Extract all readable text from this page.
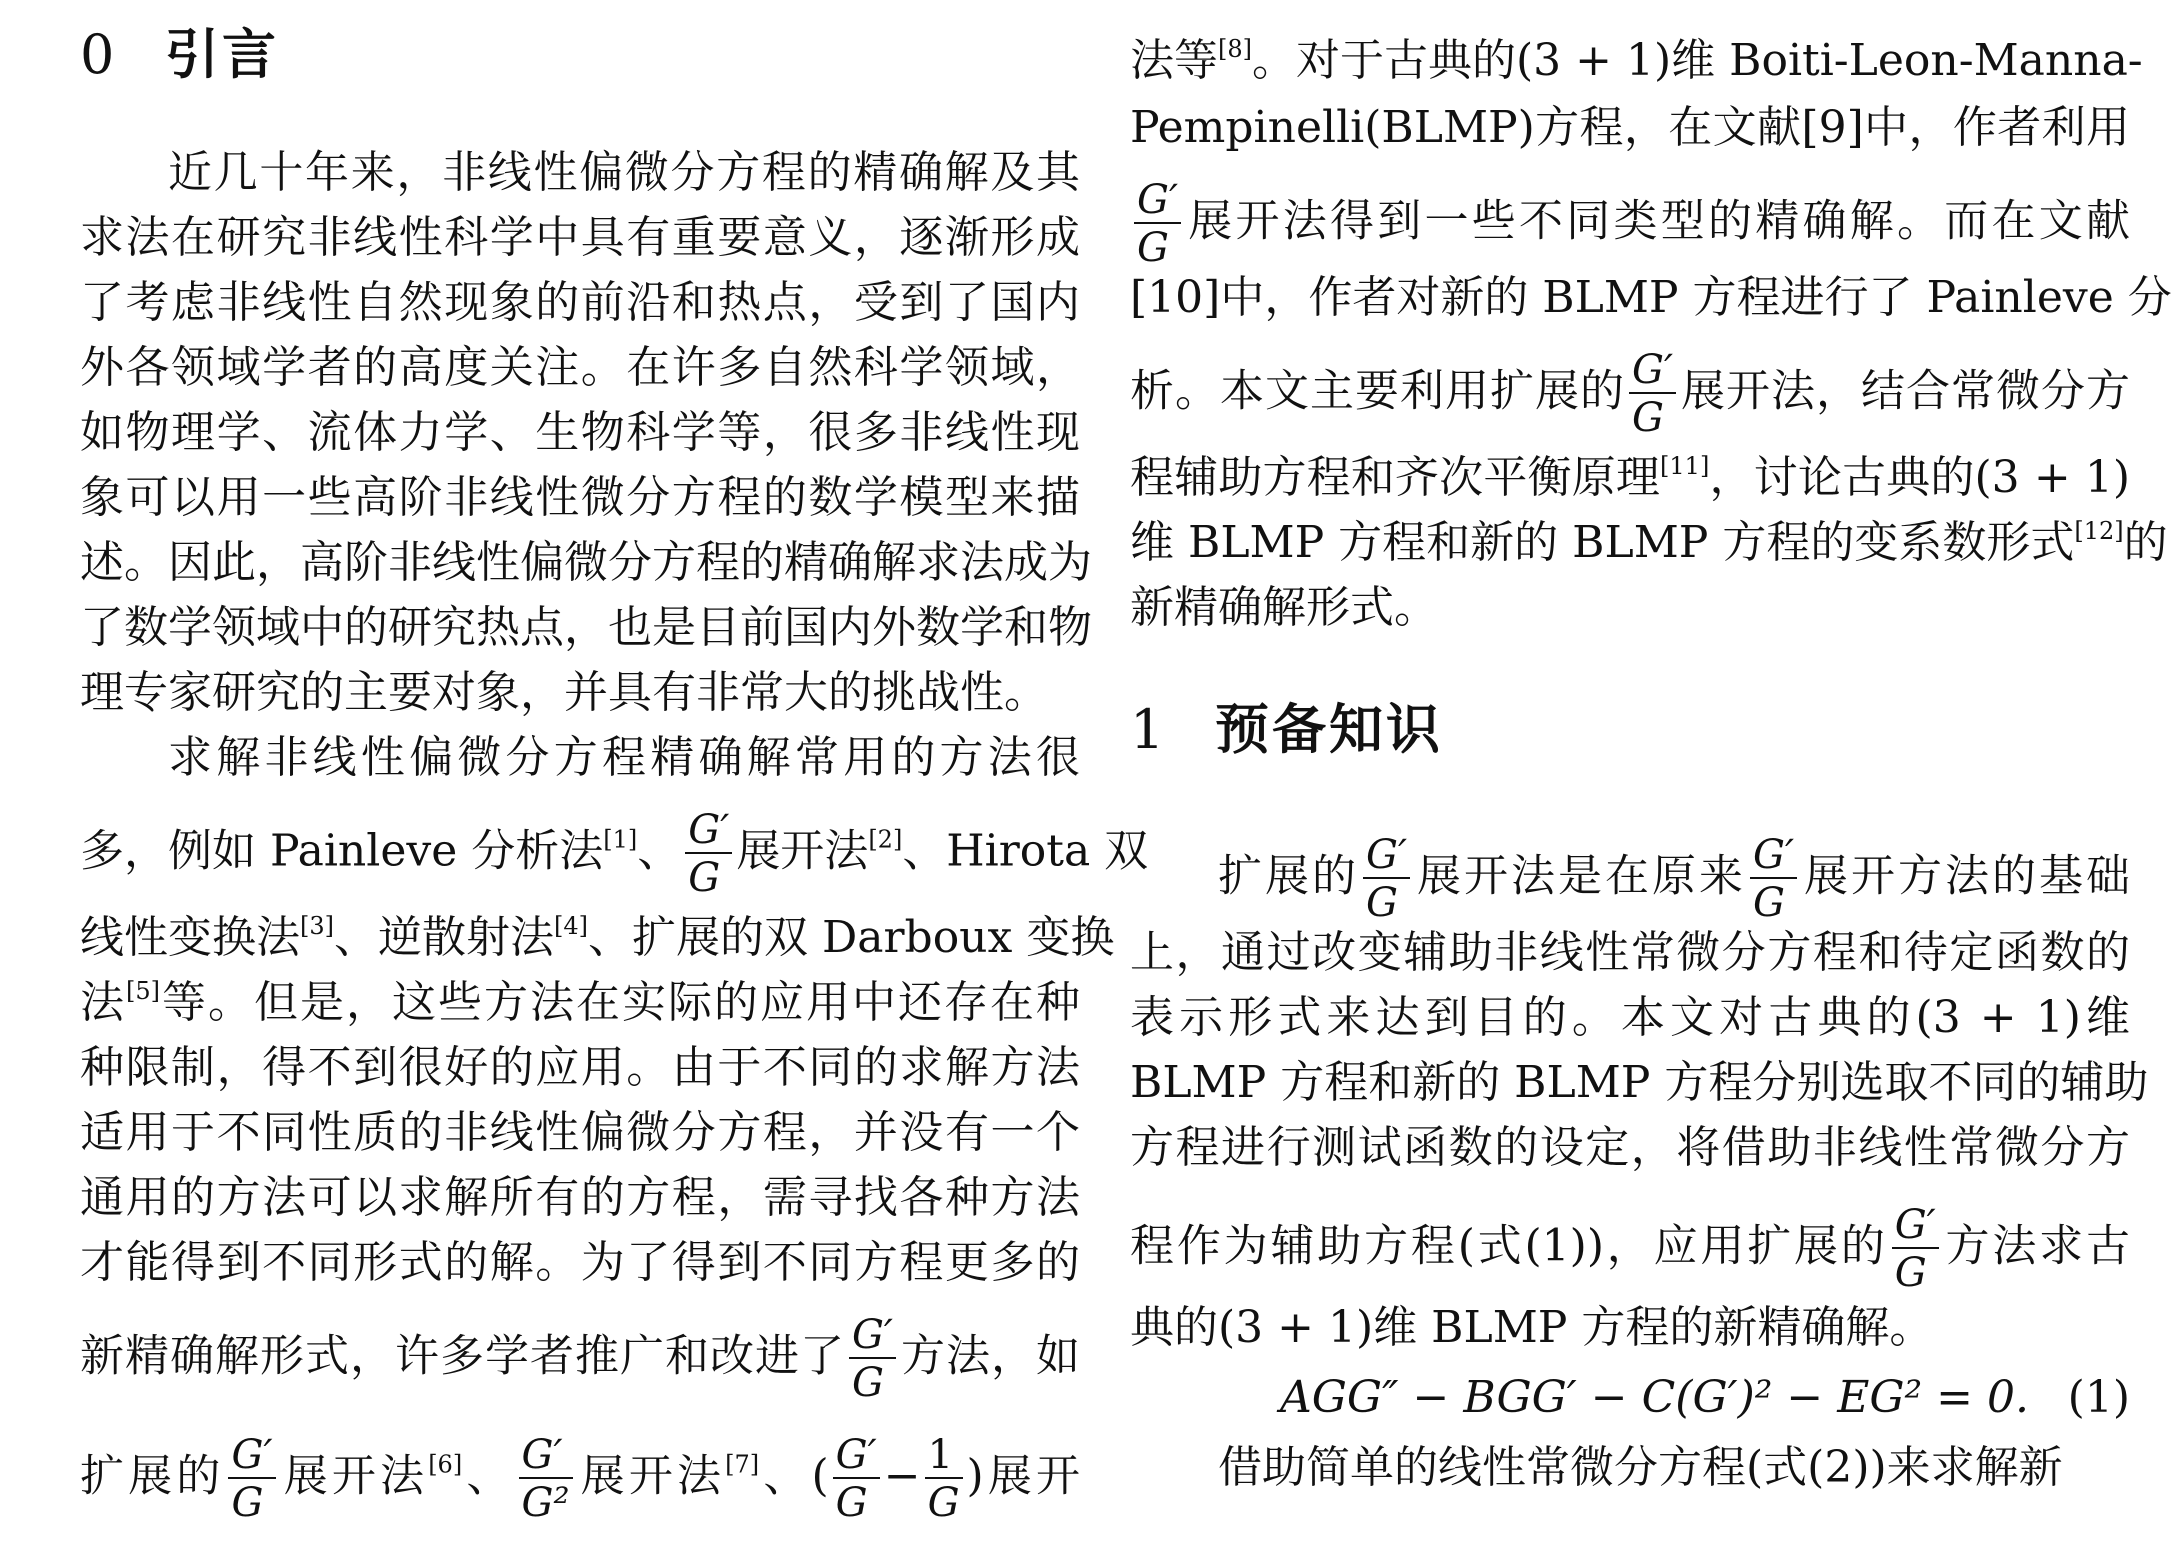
0 引言
近几十年来，非线性偏微分方程的精确解及其
求法在研究非线性科学中具有重要意义，逐渐形成
了考虑非线性自然现象的前沿和热点，受到了国内
外各领域学者的高度关注。在许多自然科学领域，
如物理学、流体力学、生物科学等，很多非线性现
象可以用一些高阶非线性微分方程的数学模型来描
述。因此，高阶非线性偏微分方程的精确解求法成为
了数学领域中的研究热点，也是目前国内外数学和物
理专家研究的主要对象，并具有非常大的挑战性。
求解非线性偏微分方程精确解常用的方法很
多，例如 Painleve 分析法[1]、 $\frac{G'}{G}$ 展开法[2]、Hirota 双
线性变换法[3]、逆散射法[4]、扩展的双 Darboux 变换
法[5]等。但是，这些方法在实际的应用中还存在种
种限制，得不到很好的应用。由于不同的求解方法
适用于不同性质的非线性偏微分方程，并没有一个
通用的方法可以求解所有的方程，需寻找各种方法
才能得到不同形式的解。为了得到不同方程更多的
新精确解形式，许多学者推广和改进了 $\frac{G'}{G}$ 方法，如
扩展的 $\frac{G'}{G}$ 展开法[6]、 $\frac{G'}{\text{G²}}$ 展开法[7]、( $\frac{G'}{G} - \frac{1}{G}$ )展开
法等[8]。对于古典的(3 + 1)维 Boiti-Leon-Manna-
Pempinelli(BLMP)方程，在文献[9]中，作者利用
$\frac{G'}{G}$ 展开法得到一些不同类型的精确解。而在文献
[10]中，作者对新的 BLMP 方程进行了 Painleve 分
析。本文主要利用扩展的 $\frac{G'}{G}$ 展开法，结合常微分方
程辅助方程和齐次平衡原理[11]，讨论古典的(3 + 1)
维 BLMP 方程和新的 BLMP 方程的变系数形式[12]的
新精确解形式。
1 预备知识
扩展的 $\frac{G'}{G}$ 展开法是在原来 $\frac{G'}{G}$ 展开方法的基础
上，通过改变辅助非线性常微分方程和待定函数的
表示形式来达到目的。本文对古典的(3 + 1)维
BLMP 方程和新的 BLMP 方程分别选取不同的辅助
方程进行测试函数的设定，将借助非线性常微分方
程作为辅助方程(式(1))，应用扩展的 $\frac{G'}{G}$ 方法求古
典的(3 + 1)维 BLMP 方程的新精确解。
AGG″ − BGG′ − C(G′)² − EG² = 0. (1)
借助简单的线性常微分方程(式(2))来求解新
